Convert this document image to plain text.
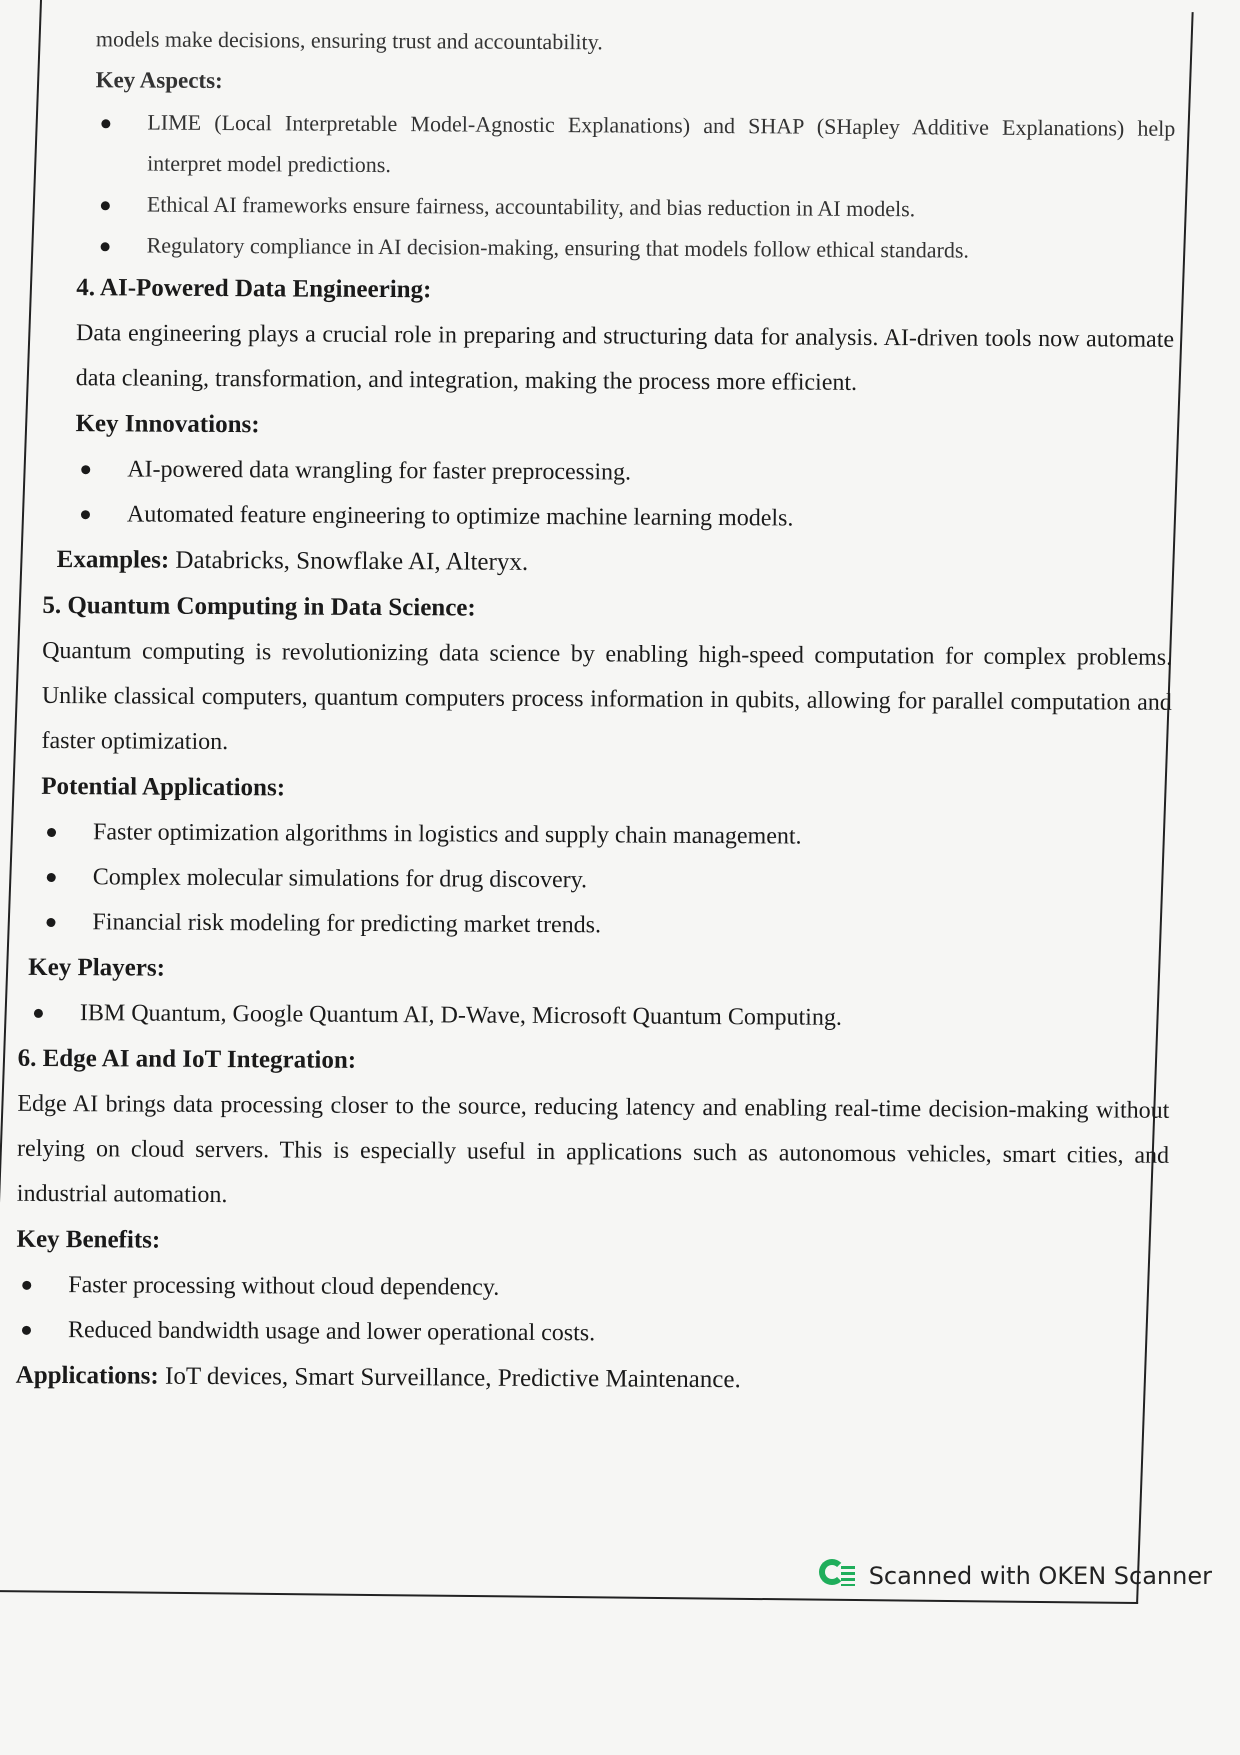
models make decisions, ensuring trust and accountability.

Key Aspects:

LIME (Local Interpretable Model-Agnostic Explanations) and SHAP (SHapley Additive Explanations) help interpret model predictions.
Ethical AI frameworks ensure fairness, accountability, and bias reduction in AI models.
Regulatory compliance in AI decision-making, ensuring that models follow ethical standards.

4. AI-Powered Data Engineering:

Data engineering plays a crucial role in preparing and structuring data for analysis. AI-driven tools now automate data cleaning, transformation, and integration, making the process more efficient.

Key Innovations:

AI-powered data wrangling for faster preprocessing.
Automated feature engineering to optimize machine learning models.

Examples: Databricks, Snowflake AI, Alteryx.

5. Quantum Computing in Data Science:

Quantum computing is revolutionizing data science by enabling high-speed computation for complex problems. Unlike classical computers, quantum computers process information in qubits, allowing for parallel computation and faster optimization.

Potential Applications:

Faster optimization algorithms in logistics and supply chain management.
Complex molecular simulations for drug discovery.
Financial risk modeling for predicting market trends.

Key Players:

IBM Quantum, Google Quantum AI, D-Wave, Microsoft Quantum Computing.

6. Edge AI and IoT Integration:

Edge AI brings data processing closer to the source, reducing latency and enabling real-time decision-making without relying on cloud servers. This is especially useful in applications such as autonomous vehicles, smart cities, and industrial automation.

Key Benefits:

Faster processing without cloud dependency.
Reduced bandwidth usage and lower operational costs.

Applications: IoT devices, Smart Surveillance, Predictive Maintenance.

Scanned with OKEN Scanner
